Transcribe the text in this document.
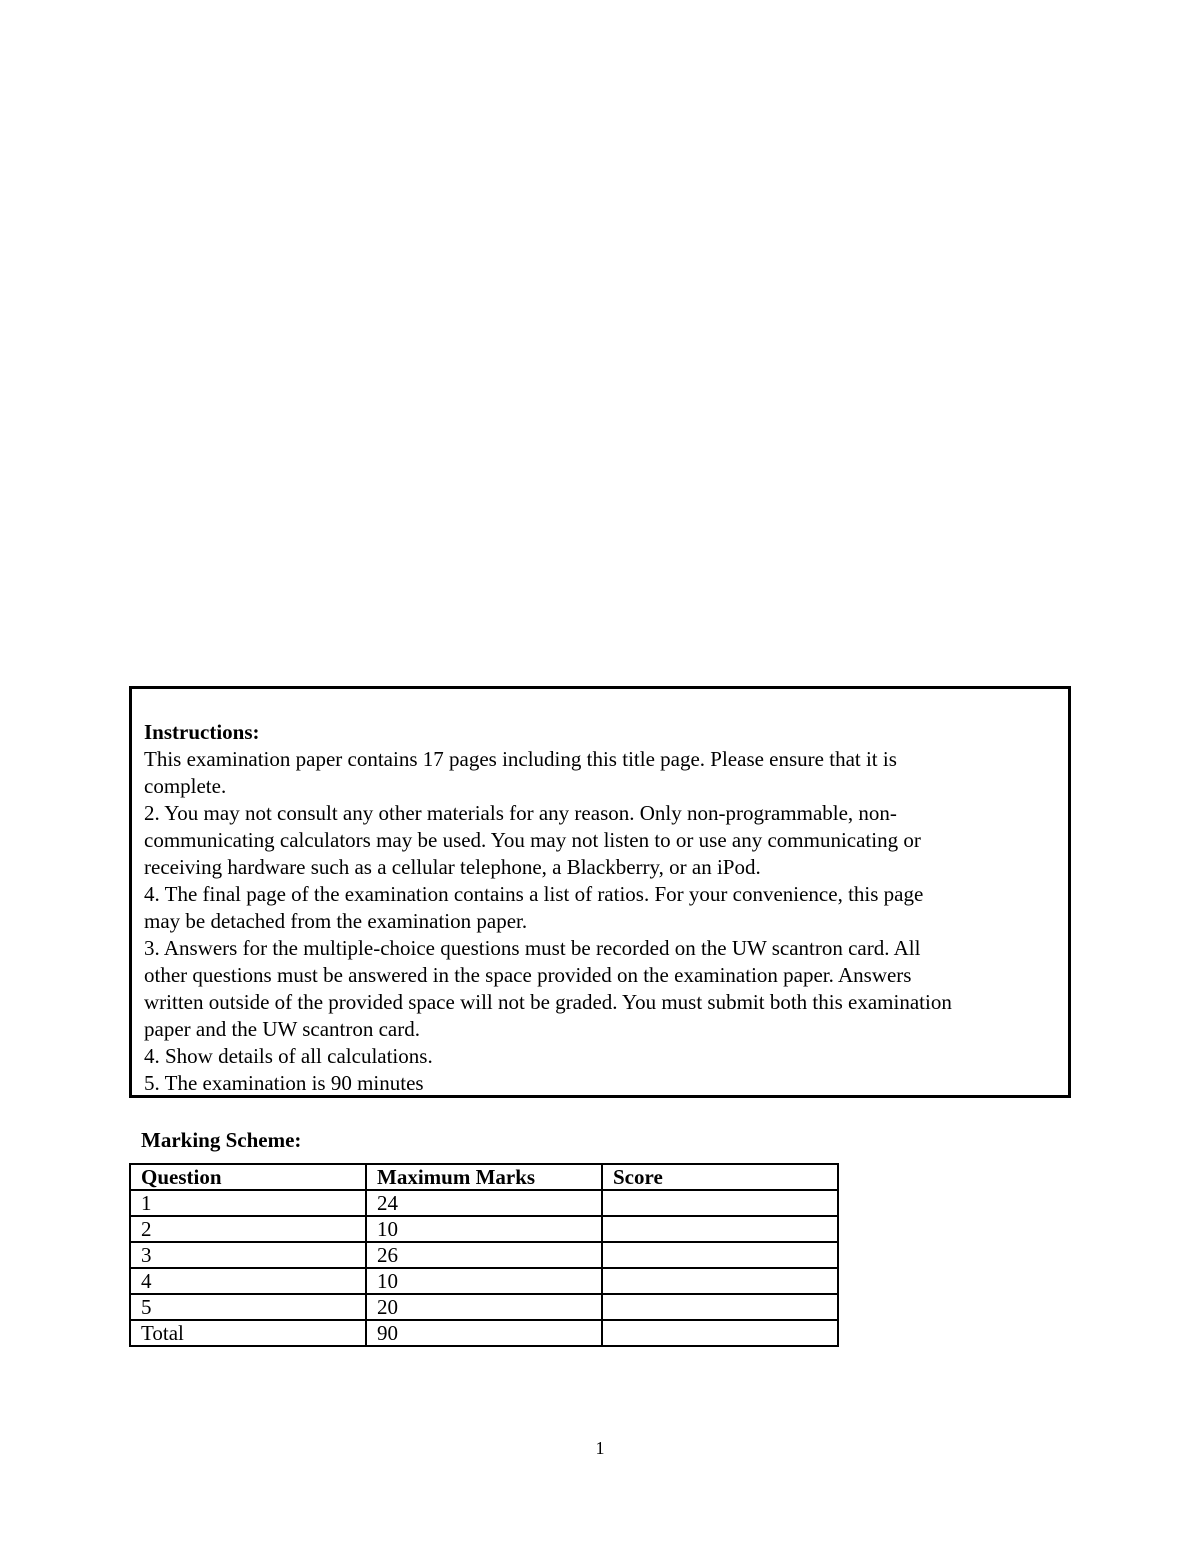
Instructions:
This examination paper contains 17 pages including this title page. Please ensure that it is
complete.
2. You may not consult any other materials for any reason. Only non-programmable, non-
communicating calculators may be used. You may not listen to or use any communicating or
receiving hardware such as a cellular telephone, a Blackberry, or an iPod.
4. The final page of the examination contains a list of ratios. For your convenience, this page
may be detached from the examination paper.
3. Answers for the multiple-choice questions must be recorded on the UW scantron card. All
other questions must be answered in the space provided on the examination paper. Answers
written outside of the provided space will not be graded. You must submit both this examination
paper and the UW scantron card.
4. Show details of all calculations.
5. The examination is 90 minutes
Marking Scheme:
Question	Maximum Marks	Score
1	24	
2	10	
3	26	
4	10	
5	20	
Total	90	
1
